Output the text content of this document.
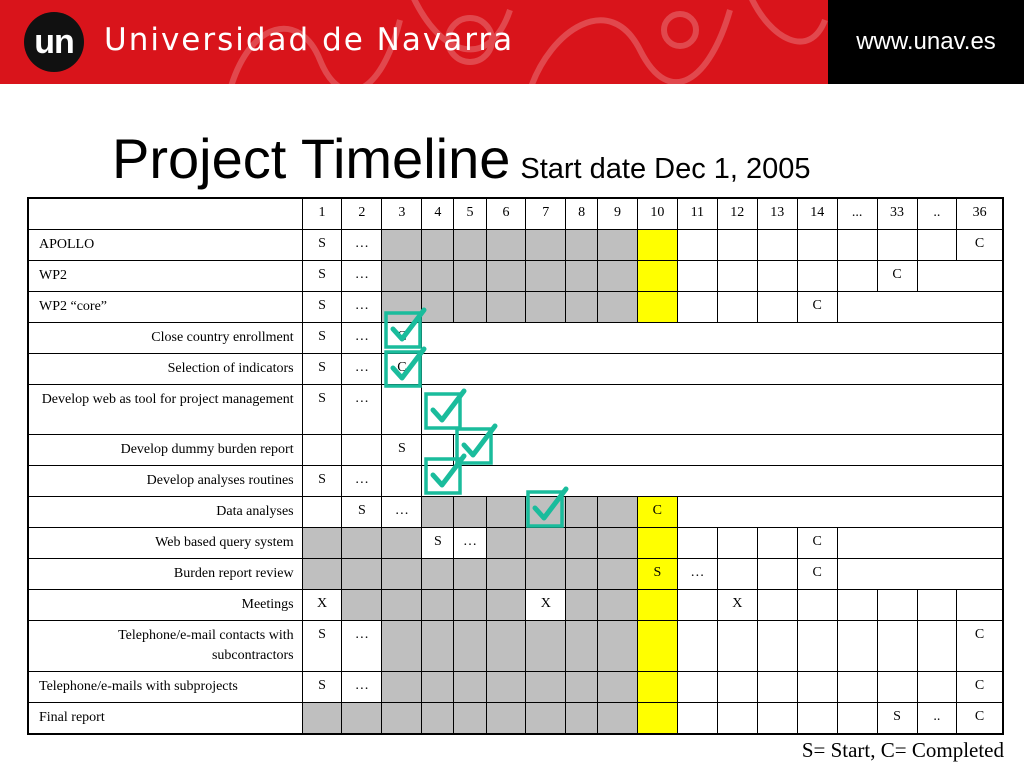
un Universidad de Navarra	www.unav.es
Project Timeline Start date Dec 1, 2005
	1	2	3	4	5	6	7	8	9	10	11	12	13	14	...	33	..	36
APOLLO	S	…																C
WP2	S	…														C		
WP2 “core”	S	…												C				
Close country enrollment	S	…	C															
Selection of indicators	S	…	C															
Develop web as tool for project management	S	…																
Develop dummy burden report			S															
Develop analyses routines	S	…																
Data analyses		S	…							C								
Web based query system				S	…									C				
Burden report review										S	…			C				
Meetings	X						X					X						
Telephone/e-mail contacts with subcontractors	S	…																C
Telephone/e-mails with subprojects	S	…																C
Final report																S	..	C
S= Start, C= Completed
